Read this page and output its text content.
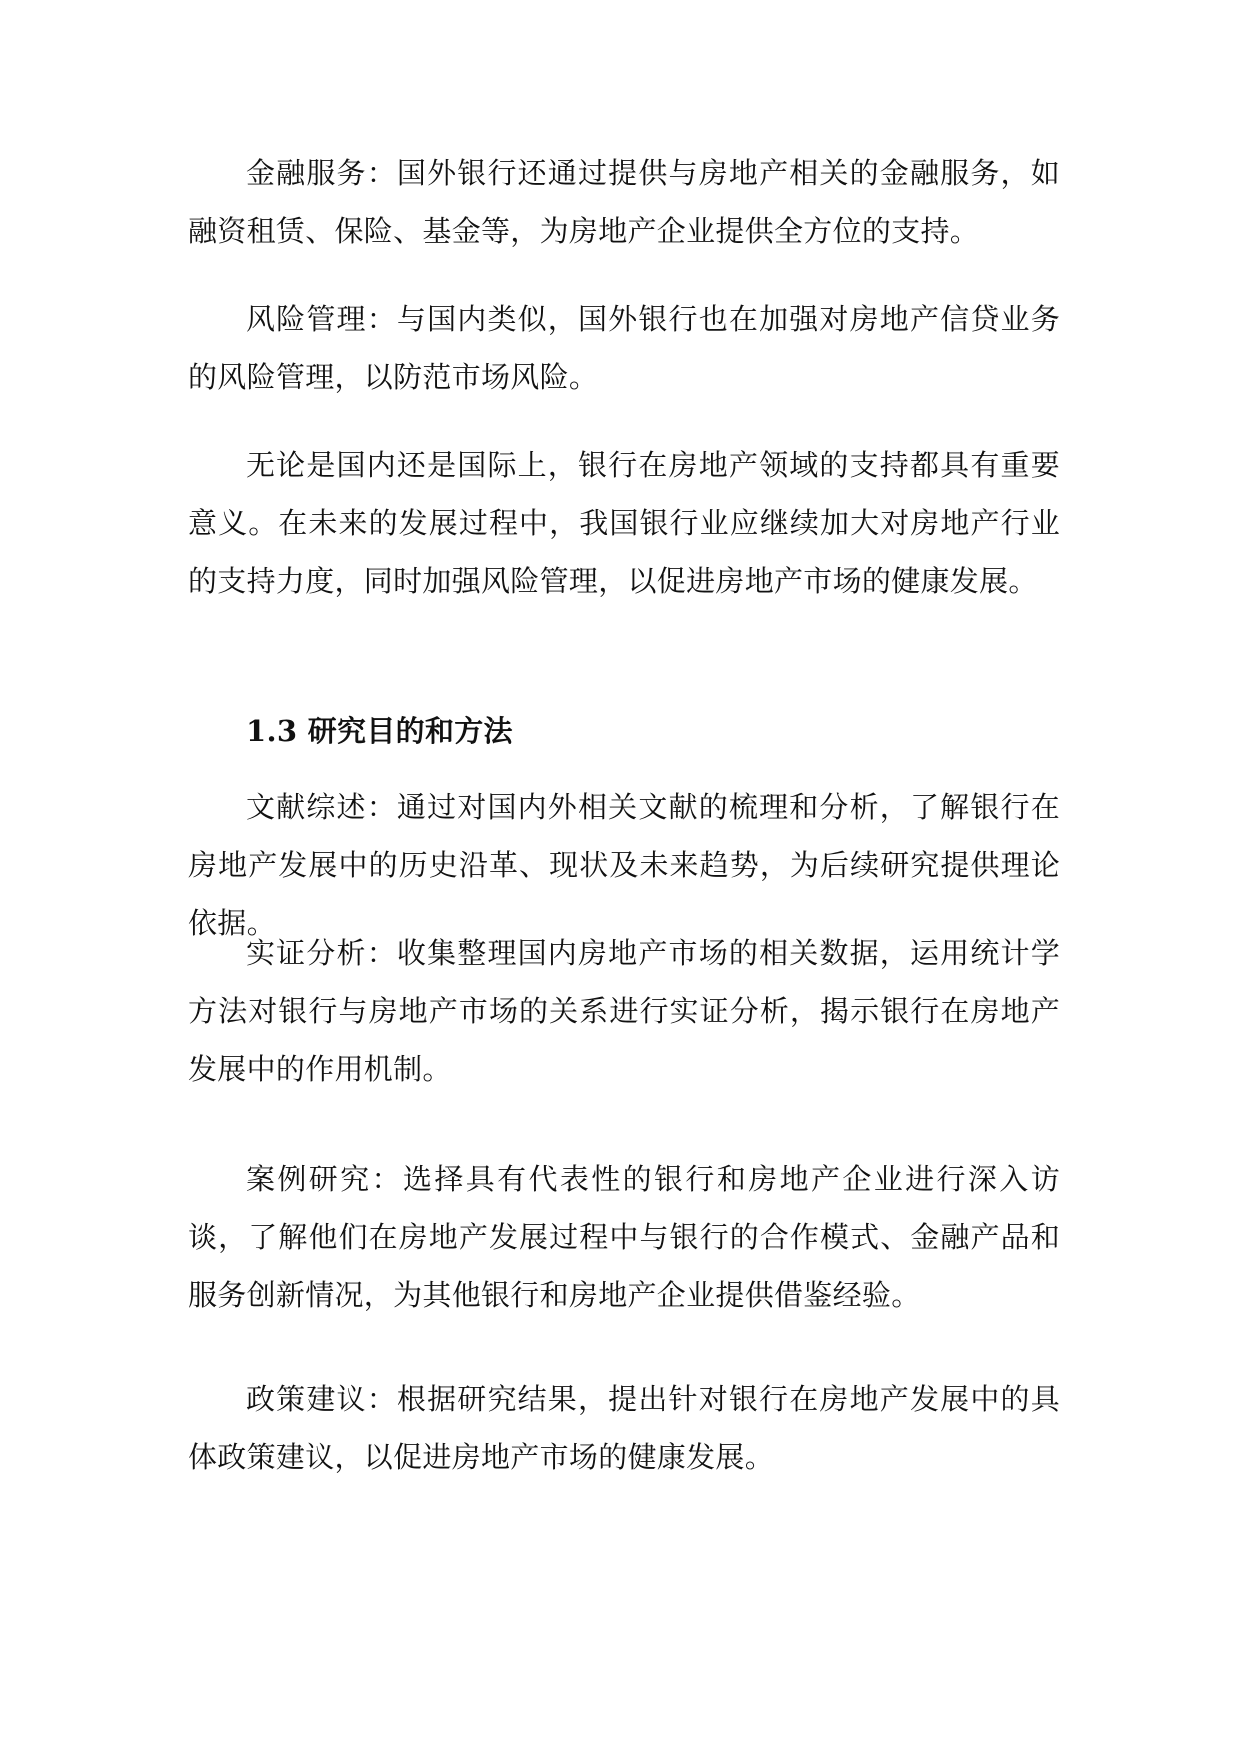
金融服务：国外银行还通过提供与房地产相关的金融服务，如融资租赁、保险、基金等，为房地产企业提供全方位的支持。

风险管理：与国内类似，国外银行也在加强对房地产信贷业务的风险管理，以防范市场风险。

无论是国内还是国际上，银行在房地产领域的支持都具有重要意义。在未来的发展过程中，我国银行业应继续加大对房地产行业的支持力度，同时加强风险管理，以促进房地产市场的健康发展。

1.3 研究目的和方法

文献综述：通过对国内外相关文献的梳理和分析，了解银行在房地产发展中的历史沿革、现状及未来趋势，为后续研究提供理论依据。

实证分析：收集整理国内房地产市场的相关数据，运用统计学方法对银行与房地产市场的关系进行实证分析，揭示银行在房地产发展中的作用机制。

案例研究：选择具有代表性的银行和房地产企业进行深入访谈，了解他们在房地产发展过程中与银行的合作模式、金融产品和服务创新情况，为其他银行和房地产企业提供借鉴经验。

政策建议：根据研究结果，提出针对银行在房地产发展中的具体政策建议，以促进房地产市场的健康发展。
